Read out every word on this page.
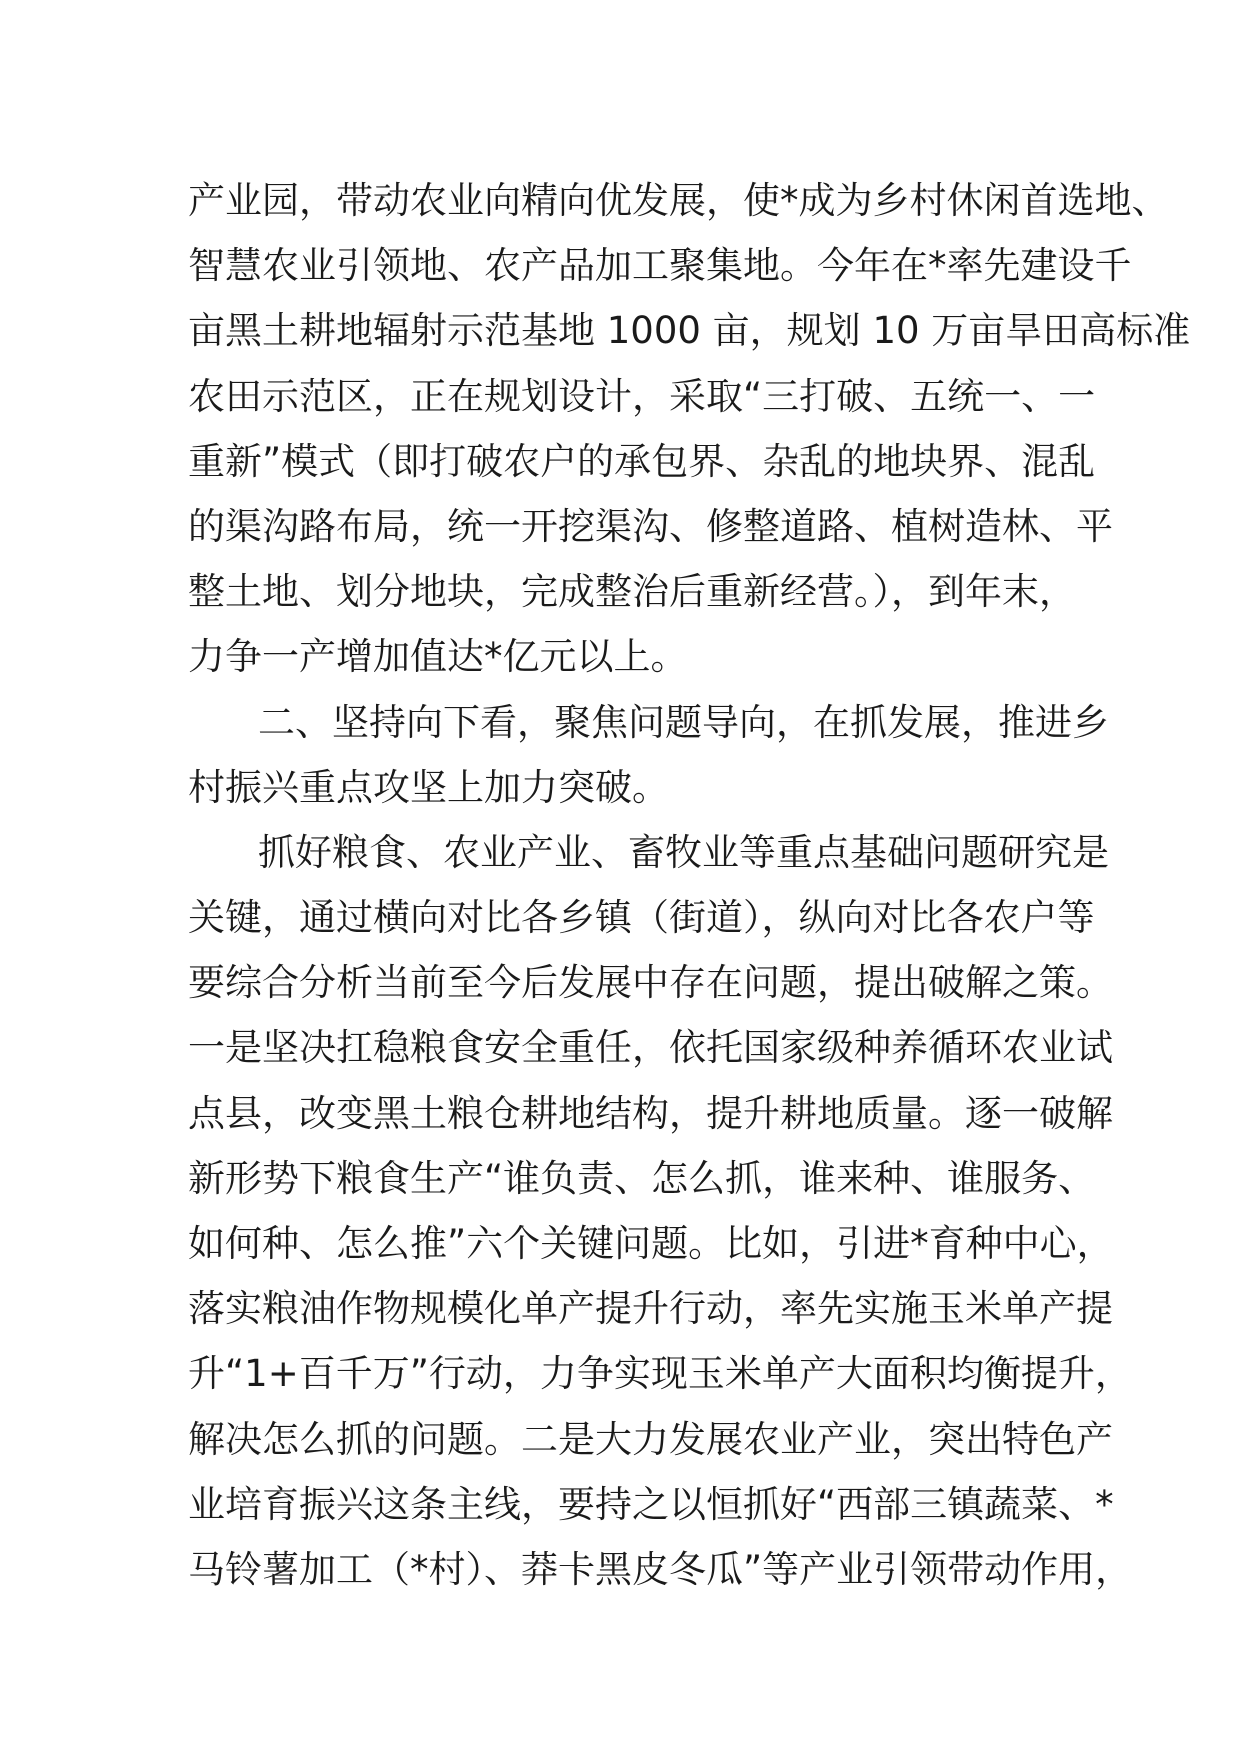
产业园，带动农业向精向优发展，使*成为乡村休闲首选地、
智慧农业引领地、农产品加工聚集地。今年在*率先建设千
亩黑土耕地辐射示范基地 1000 亩，规划 10 万亩旱田高标准
农田示范区，正在规划设计，采取“三打破、五统一、一
重新”模式（即打破农户的承包界、杂乱的地块界、混乱
的渠沟路布局，统一开挖渠沟、修整道路、植树造林、平
整土地、划分地块，完成整治后重新经营。），到年末，
力争一产增加值达*亿元以上。
二、坚持向下看，聚焦问题导向，在抓发展，推进乡
村振兴重点攻坚上加力突破。
抓好粮食、农业产业、畜牧业等重点基础问题研究是
关键，通过横向对比各乡镇（街道），纵向对比各农户等
要综合分析当前至今后发展中存在问题，提出破解之策。
一是坚决扛稳粮食安全重任，依托国家级种养循环农业试
点县，改变黑土粮仓耕地结构，提升耕地质量。逐一破解
新形势下粮食生产“谁负责、怎么抓，谁来种、谁服务、
如何种、怎么推”六个关键问题。比如，引进*育种中心，
落实粮油作物规模化单产提升行动，率先实施玉米单产提
升“1+百千万”行动，力争实现玉米单产大面积均衡提升，
解决怎么抓的问题。二是大力发展农业产业，突出特色产
业培育振兴这条主线，要持之以恒抓好“西部三镇蔬菜、*
马铃薯加工（*村）、莽卡黑皮冬瓜”等产业引领带动作用，
